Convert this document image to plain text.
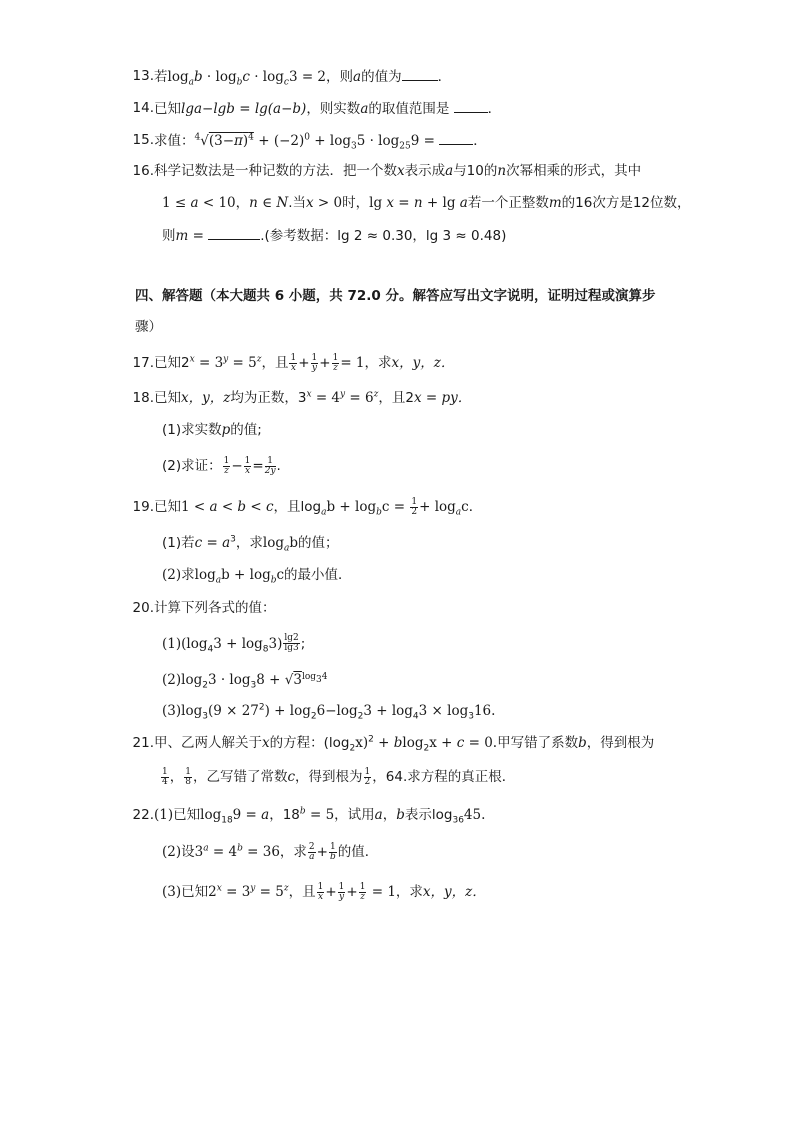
13. 若$\log_ab \cdot \log_bc \cdot \log_c3 = 2$，则a的值为	．
14. 已知lga−lgb = lg(a−b)，则实数a的取值范围是	．
15. 求值：$^4√(3-\pi)^4 + (-2)^0 + \log_35 \cdot \log_{25}9$ =	．
16. 科学记数法是一种记数的方法．把一个数x表示成a与10的n次幂相乘的形式，其中
1 ≤ a < 10，n ∈ N.当x > 0时，lg x = n + lg a若一个正整数m的16次方是12位数，
则m =	.(参考数据：lg 2 ≈ 0.30，lg 3 ≈ 0.48)
四、解答题（本大题共 6 小题，共 72.0 分。解答应写出文字说明，证明过程或演算步
骤）
17. 已知$2^x = 3^y = 5^z$，且 $\frac{1}{x} + \frac{1}{y} + \frac{1}{z} = 1$，求x，y，z．
18. 已知x，y，z均为正数，$3^x = 4^y = 6^z$，且2x = py．
(1)求实数p的值;
(2)求证： $\frac{1}{z} - \frac{1}{x} = \frac{1}{2y}$ .
19. 已知1 < a < b < c，且$\log_ab + \log_bc = \frac{1}{2} + \log_ac$．
(1)若$c = a^3$，求$\log_ab$的值；
(2)求$\log_ab + \log_bc$的最小值．
20. 计算下列各式的值：
$(1)(\log_43 + \log_83) \frac{\lg 2}{\lg 3}$ ;
$(2)\log_23 \cdot \log_38 + √3^{log_34}$
$(3)\log_3(9 \times 27^2) + \log_26-\log_23 + \log_43 \times \log_316$.
21. 甲、乙两人解关于x的方程：$(\log_2x)^2 + blog_2x + c = 0$.甲写错了系数b，得到根为
$\frac{1}{4}$ ， $\frac{1}{8}$ ，乙写错了常数c，得到根为 $\frac{1}{2}$ ，64.求方程的真正根．
22. (1)已知$\log_{18}9 = a$，$18^b = 5$，试用a，b表示$\log_{36}45$.
(2)设$3^a = 4^b = 36$，求 $\frac{2}{a} + \frac{1}{b}$ 的值．
(3)已知$2^x = 3^y = 5^z$，且 $\frac{1}{x} + \frac{1}{y} + \frac{1}{z} = 1$，求x，y，z．
